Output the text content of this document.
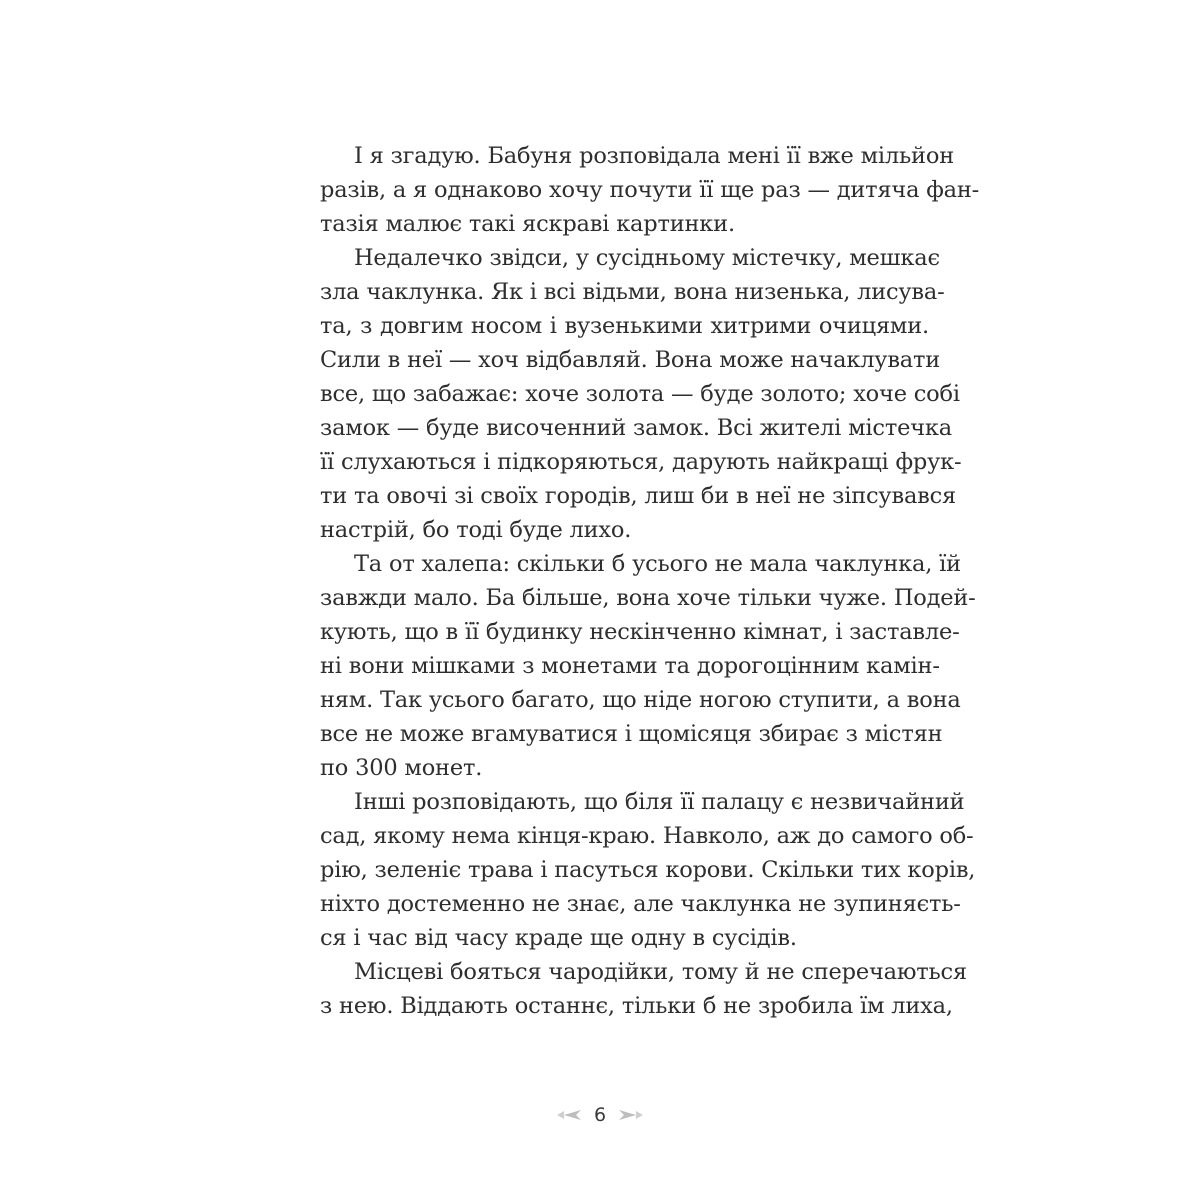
І я згадую. Бабуня розповідала мені її вже мільйон
разів, а я однаково хочу почути її ще раз — дитяча фан-
тазія малює такі яскраві картинки.
Недалечко звідси, у сусідньому містечку, мешкає
зла чаклунка. Як і всі відьми, вона низенька, лисува-
та, з довгим носом і вузенькими хитрими очицями.
Сили в неї — хоч відбавляй. Вона може начаклувати
все, що забажає: хоче золота — буде золото; хоче собі
замок — буде височенний замок. Всі жителі містечка
її слухаються і підкоряються, дарують найкращі фрук-
ти та овочі зі своїх городів, лиш би в неї не зіпсувався
настрій, бо тоді буде лихо.
Та от халепа: скільки б усього не мала чаклунка, їй
завжди мало. Ба більше, вона хоче тільки чуже. Подей-
кують, що в її будинку нескінченно кімнат, і заставле-
ні вони мішками з монетами та дорогоцінним камін-
ням. Так усього багато, що ніде ногою ступити, а вона
все не може вгамуватися і щомісяця збирає з містян
по 300 монет.
Інші розповідають, що біля її палацу є незвичайний
сад, якому нема кінця-краю. Навколо, аж до самого об-
рію, зеленіє трава і пасуться корови. Скільки тих корів,
ніхто достеменно не знає, але чаклунка не зупиняєть-
ся і час від часу краде ще одну в сусідів.
Місцеві бояться чародійки, тому й не сперечаються
з нею. Віддають останнє, тільки б не зробила їм лиха,
6
